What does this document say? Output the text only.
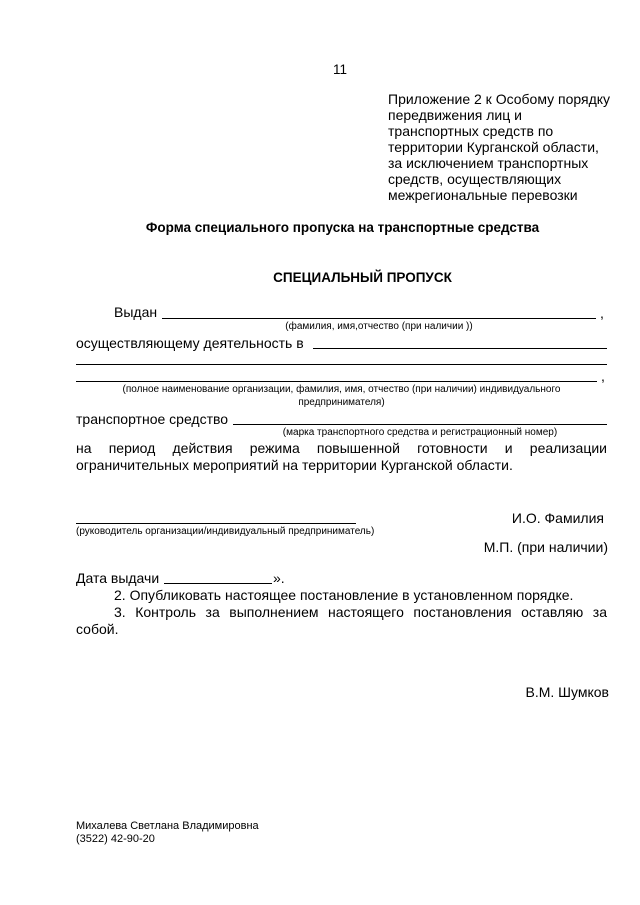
11
Приложение 2 к Особому порядку
передвижения лиц и
транспортных средств по
территории Курганской области,
за исключением транспортных
средств, осуществляющих
межрегиональные перевозки
Форма специального пропуска на транспортные средства
СПЕЦИАЛЬНЫЙ ПРОПУСК
Выдан	,
(фамилия, имя,отчество (при наличии ))
осуществляющему деятельность в
,
(полное наименование организации, фамилия, имя, отчество (при наличии) индивидуального
предпринимателя)
транспортное средство
(марка транспортного средства и регистрационный номер)
на период действия режима повышенной готовности и реализации
ограничительных мероприятий на территории Курганской области.
И.О. Фамилия
(руководитель организации/индивидуальный предприниматель)
М.П. (при наличии)
Дата выдачи	».
2. Опубликовать настоящее постановление в установленном порядке.
3. Контроль за выполнением настоящего постановления оставляю за
собой.
В.М. Шумков
Михалева Светлана Владимировна
(3522) 42-90-20
